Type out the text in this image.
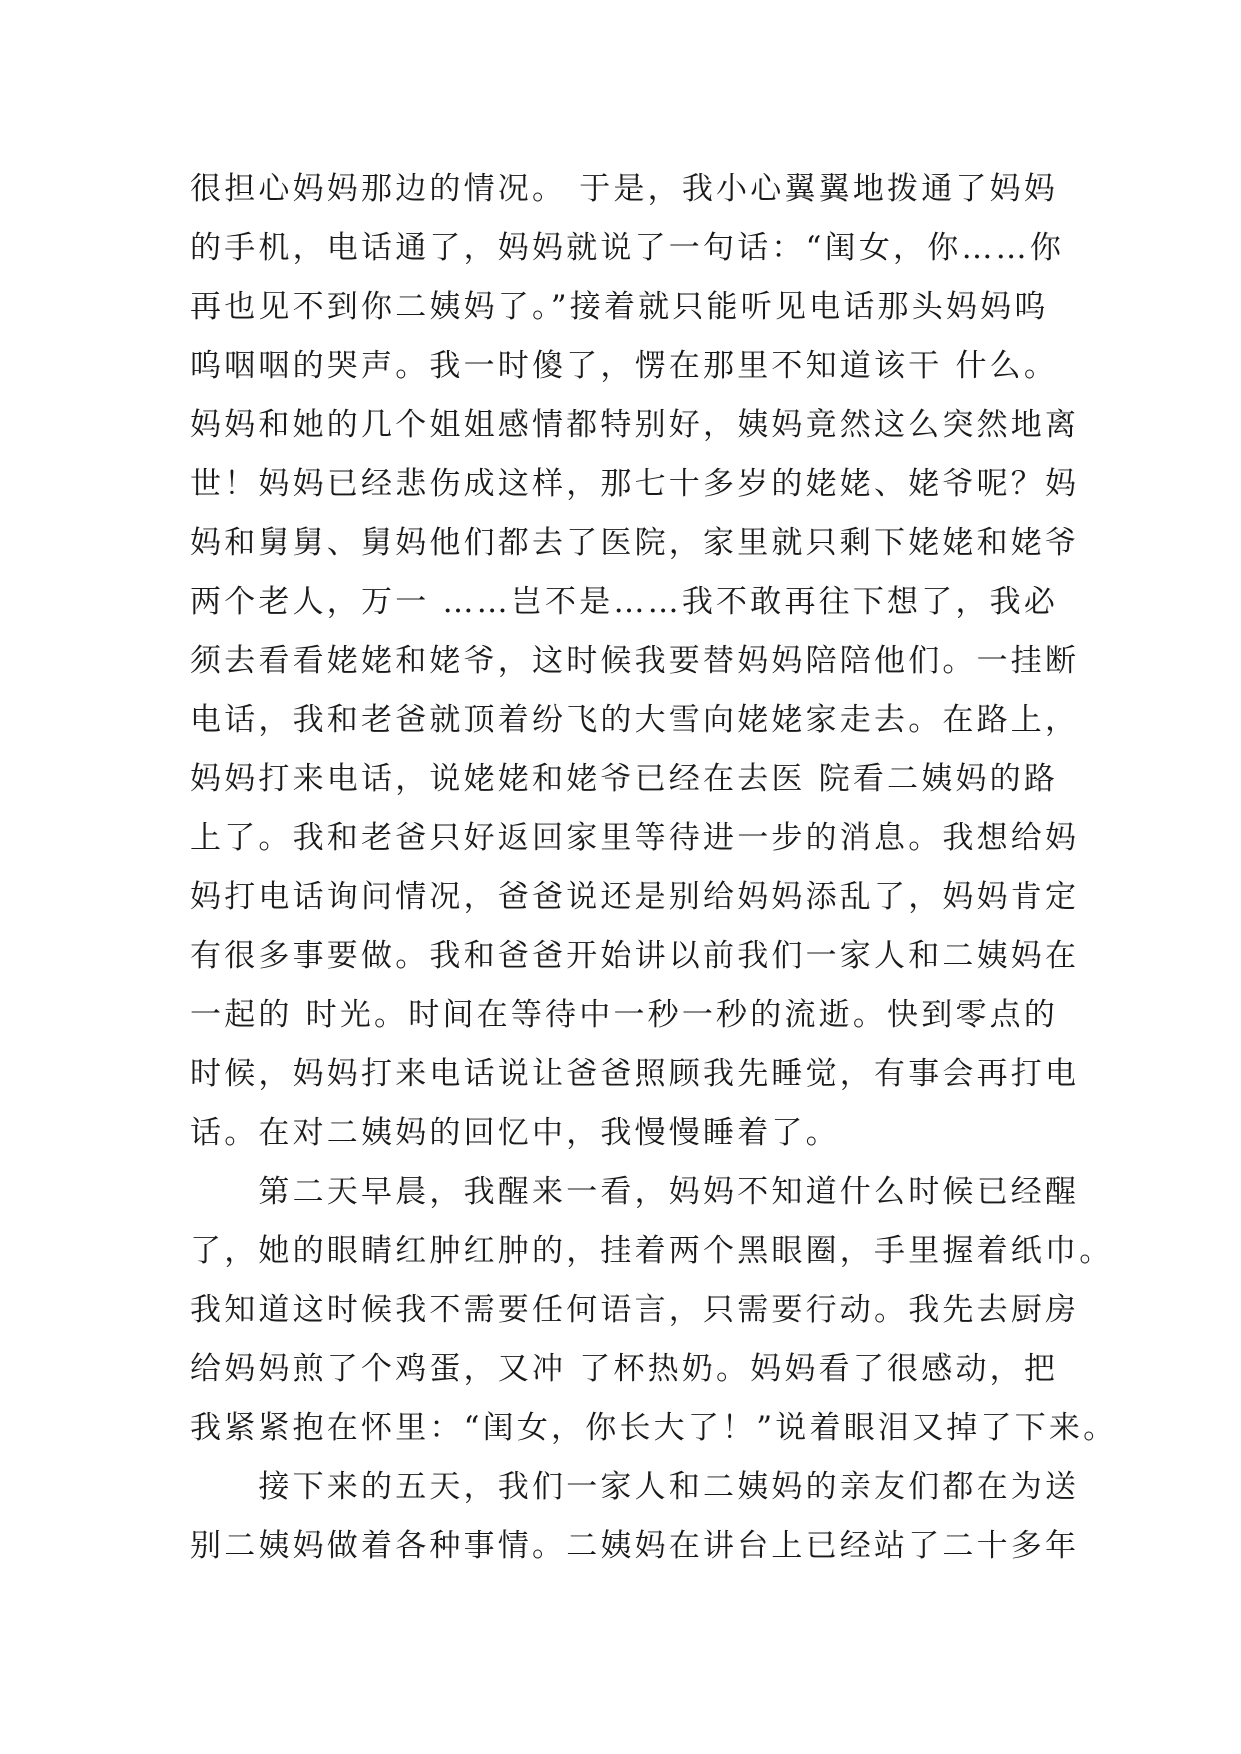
很担心妈妈那边的情况。 于是，我小心翼翼地拨通了妈妈
的手机，电话通了，妈妈就说了一句话：“闺女，你……你
再也见不到你二姨妈了。”接着就只能听见电话那头妈妈呜
呜咽咽的哭声。我一时傻了，愣在那里不知道该干 什么。
妈妈和她的几个姐姐感情都特别好，姨妈竟然这么突然地离
世！妈妈已经悲伤成这样，那七十多岁的姥姥、姥爷呢？妈
妈和舅舅、舅妈他们都去了医院，家里就只剩下姥姥和姥爷
两个老人，万一 ……岂不是……我不敢再往下想了，我必
须去看看姥姥和姥爷，这时候我要替妈妈陪陪他们。一挂断
电话，我和老爸就顶着纷飞的大雪向姥姥家走去。在路上，
妈妈打来电话，说姥姥和姥爷已经在去医 院看二姨妈的路
上了。我和老爸只好返回家里等待进一步的消息。我想给妈
妈打电话询问情况，爸爸说还是别给妈妈添乱了，妈妈肯定
有很多事要做。我和爸爸开始讲以前我们一家人和二姨妈在
一起的 时光。时间在等待中一秒一秒的流逝。快到零点的
时候，妈妈打来电话说让爸爸照顾我先睡觉，有事会再打电
话。在对二姨妈的回忆中，我慢慢睡着了。
　　第二天早晨，我醒来一看，妈妈不知道什么时候已经醒
了，她的眼睛红肿红肿的，挂着两个黑眼圈，手里握着纸巾。
我知道这时候我不需要任何语言，只需要行动。我先去厨房
给妈妈煎了个鸡蛋，又冲 了杯热奶。妈妈看了很感动，把
我紧紧抱在怀里：“闺女，你长大了！”说着眼泪又掉了下来。
　　接下来的五天，我们一家人和二姨妈的亲友们都在为送
别二姨妈做着各种事情。二姨妈在讲台上已经站了二十多年
